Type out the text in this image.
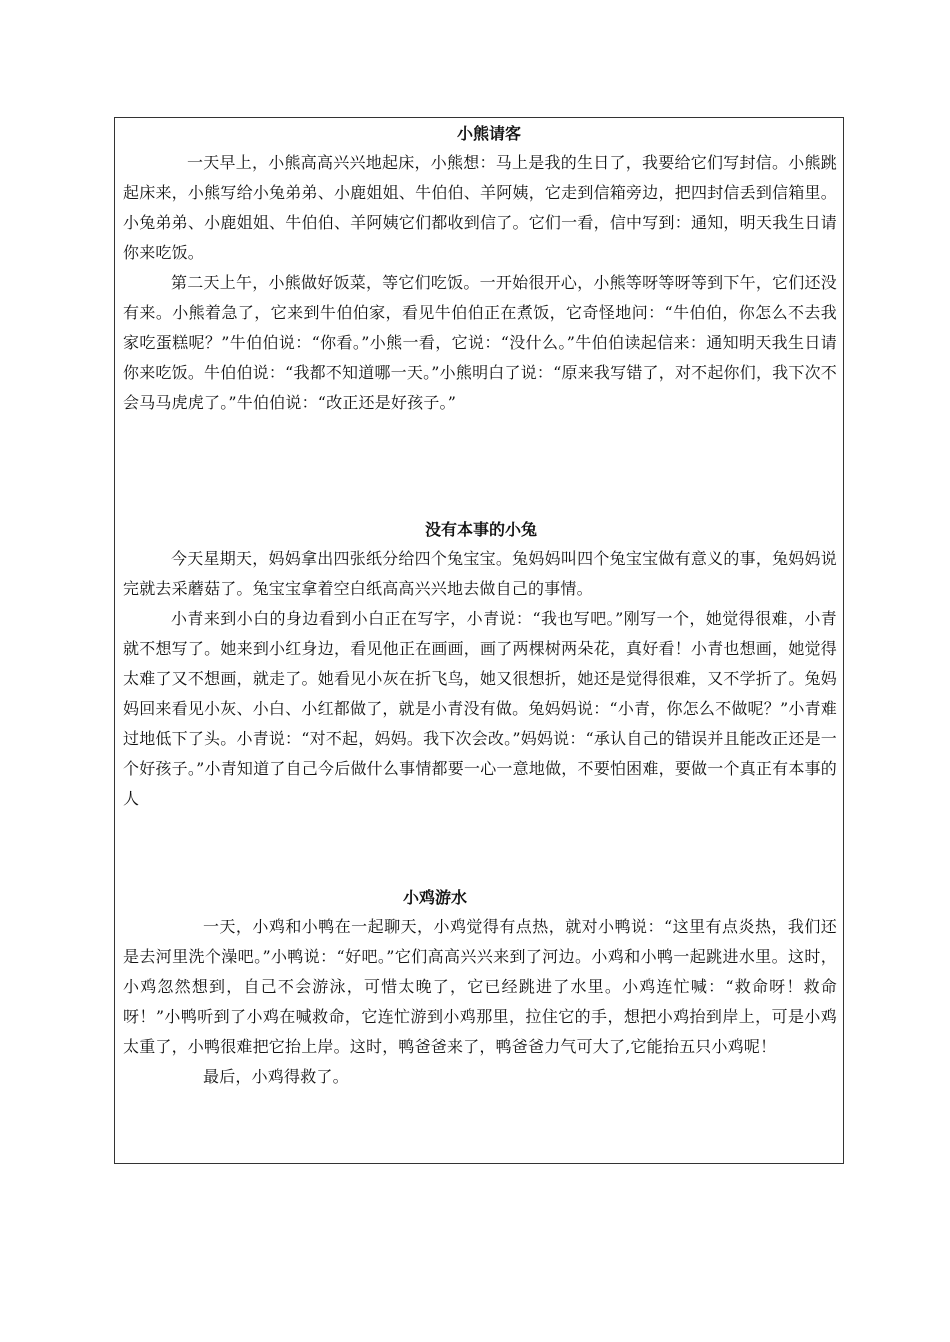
小熊请客

一天早上，小熊高高兴兴地起床，小熊想：马上是我的生日了，我要给它们写封信。小熊跳起床来，小熊写给小兔弟弟、小鹿姐姐、牛伯伯、羊阿姨，它走到信箱旁边，把四封信丢到信箱里。小兔弟弟、小鹿姐姐、牛伯伯、羊阿姨它们都收到信了。它们一看，信中写到：通知，明天我生日请你来吃饭。

第二天上午，小熊做好饭菜，等它们吃饭。一开始很开心，小熊等呀等呀等到下午，它们还没有来。小熊着急了，它来到牛伯伯家，看见牛伯伯正在煮饭，它奇怪地问：“牛伯伯，你怎么不去我家吃蛋糕呢？”牛伯伯说：“你看。”小熊一看，它说：“没什么。”牛伯伯读起信来：通知明天我生日请你来吃饭。牛伯伯说：“我都不知道哪一天。”小熊明白了说：“原来我写错了，对不起你们，我下次不会马马虎虎了。”牛伯伯说：“改正还是好孩子。”

没有本事的小兔

今天星期天，妈妈拿出四张纸分给四个兔宝宝。兔妈妈叫四个兔宝宝做有意义的事，兔妈妈说完就去采蘑菇了。兔宝宝拿着空白纸高高兴兴地去做自己的事情。

小青来到小白的身边看到小白正在写字，小青说：“我也写吧。”刚写一个，她觉得很难，小青就不想写了。她来到小红身边，看见他正在画画，画了两棵树两朵花，真好看！小青也想画，她觉得太难了又不想画，就走了。她看见小灰在折飞鸟，她又很想折，她还是觉得很难，又不学折了。兔妈妈回来看见小灰、小白、小红都做了，就是小青没有做。兔妈妈说：“小青，你怎么不做呢？”小青难过地低下了头。小青说：“对不起，妈妈。我下次会改。”妈妈说：“承认自己的错误并且能改正还是一个好孩子。”小青知道了自己今后做什么事情都要一心一意地做，不要怕困难，要做一个真正有本事的人

小鸡游水

一天，小鸡和小鸭在一起聊天，小鸡觉得有点热，就对小鸭说：“这里有点炎热，我们还是去河里洗个澡吧。”小鸭说：“好吧。”它们高高兴兴来到了河边。小鸡和小鸭一起跳进水里。这时，小鸡忽然想到，自己不会游泳，可惜太晚了，它已经跳进了水里。小鸡连忙喊：“救命呀！救命呀！”小鸭听到了小鸡在喊救命，它连忙游到小鸡那里，拉住它的手，想把小鸡抬到岸上，可是小鸡太重了，小鸭很难把它抬上岸。这时，鸭爸爸来了，鸭爸爸力气可大了,它能抬五只小鸡呢！

最后，小鸡得救了。
